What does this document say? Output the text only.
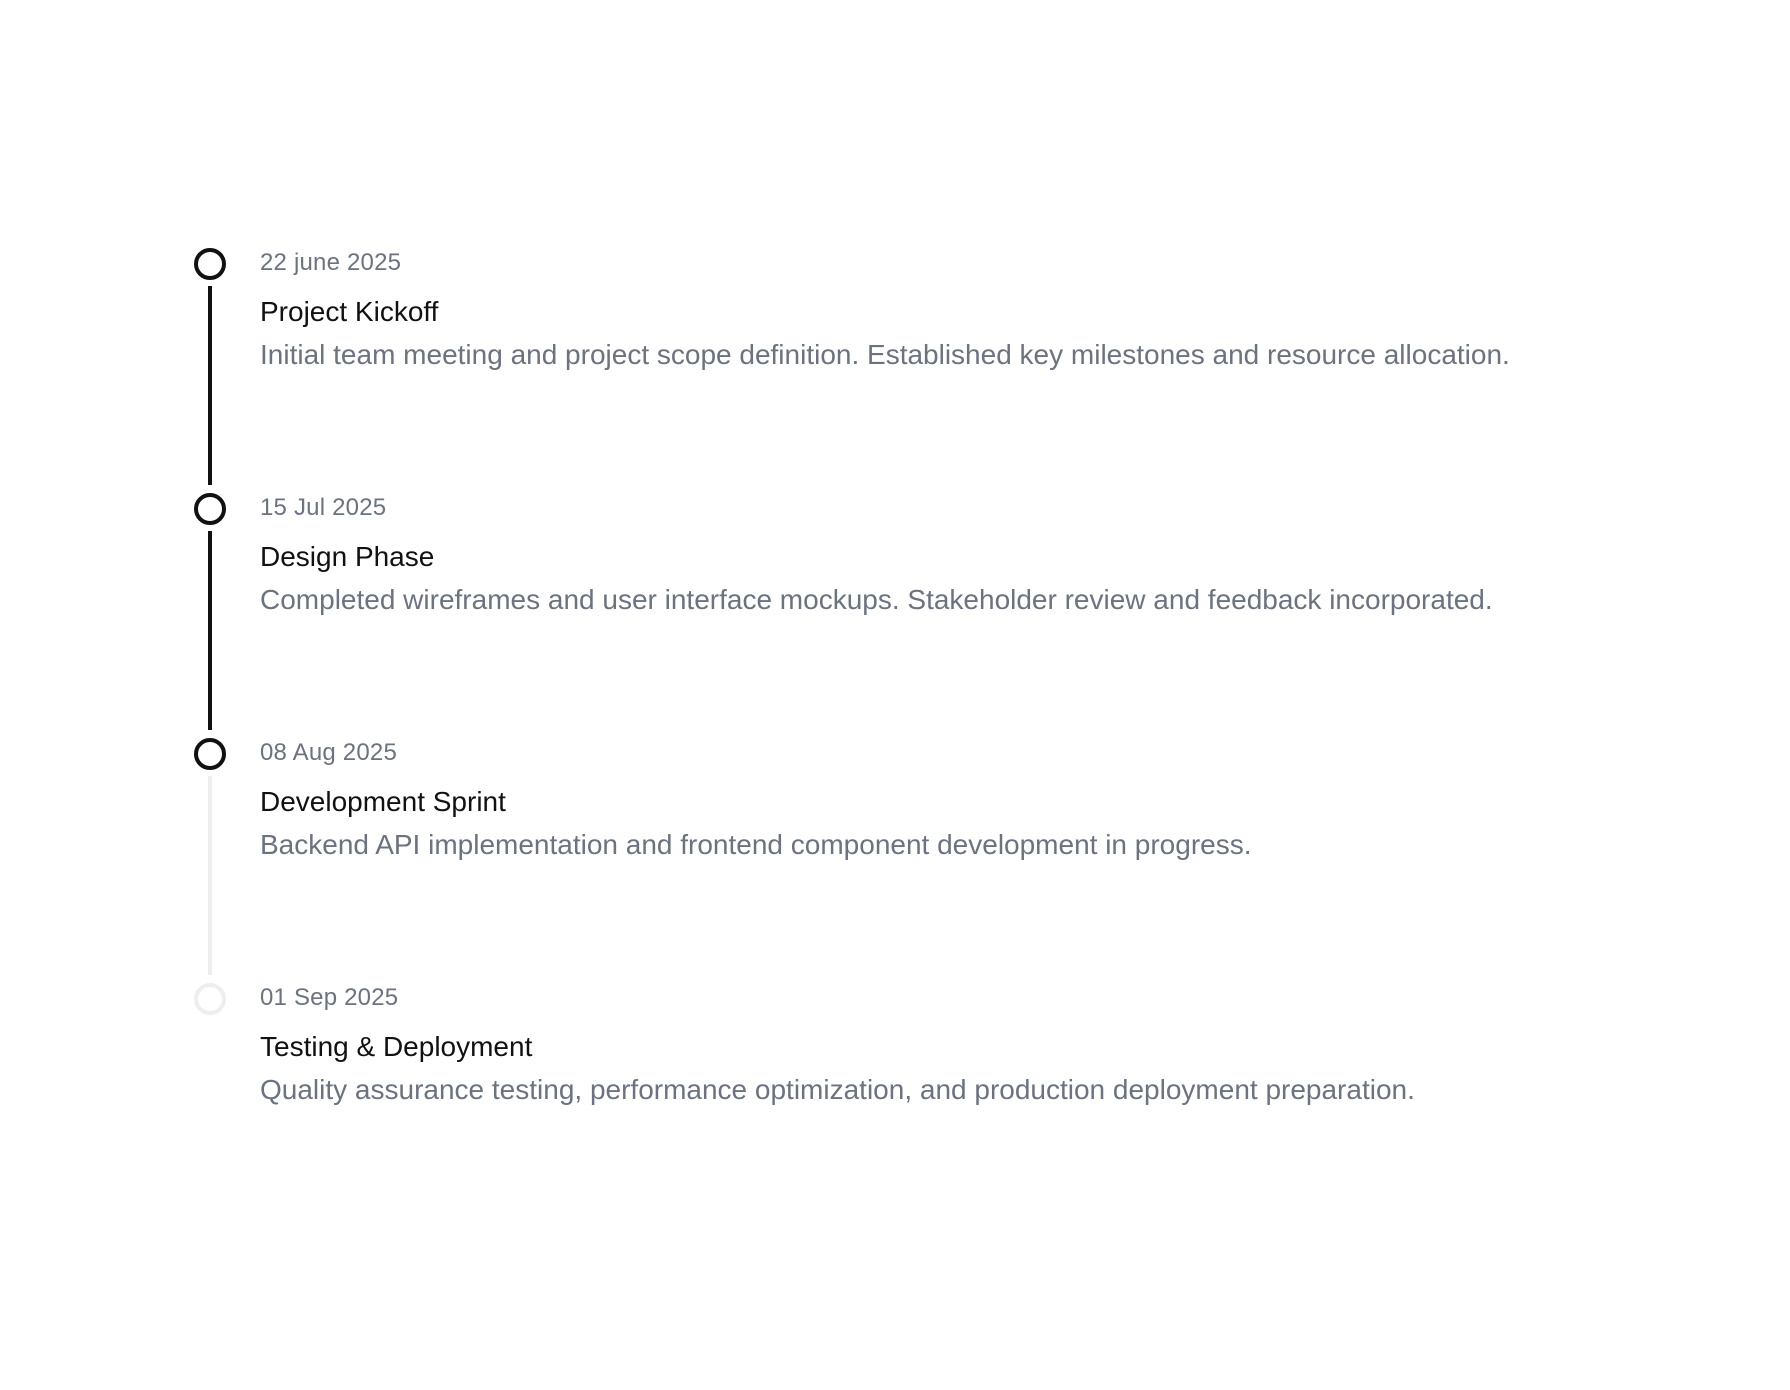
22 june 2025
Project Kickoff
Initial team meeting and project scope definition. Established key milestones and resource allocation.
15 Jul 2025
Design Phase
Completed wireframes and user interface mockups. Stakeholder review and feedback incorporated.
08 Aug 2025
Development Sprint
Backend API implementation and frontend component development in progress.
01 Sep 2025
Testing & Deployment
Quality assurance testing, performance optimization, and production deployment preparation.
